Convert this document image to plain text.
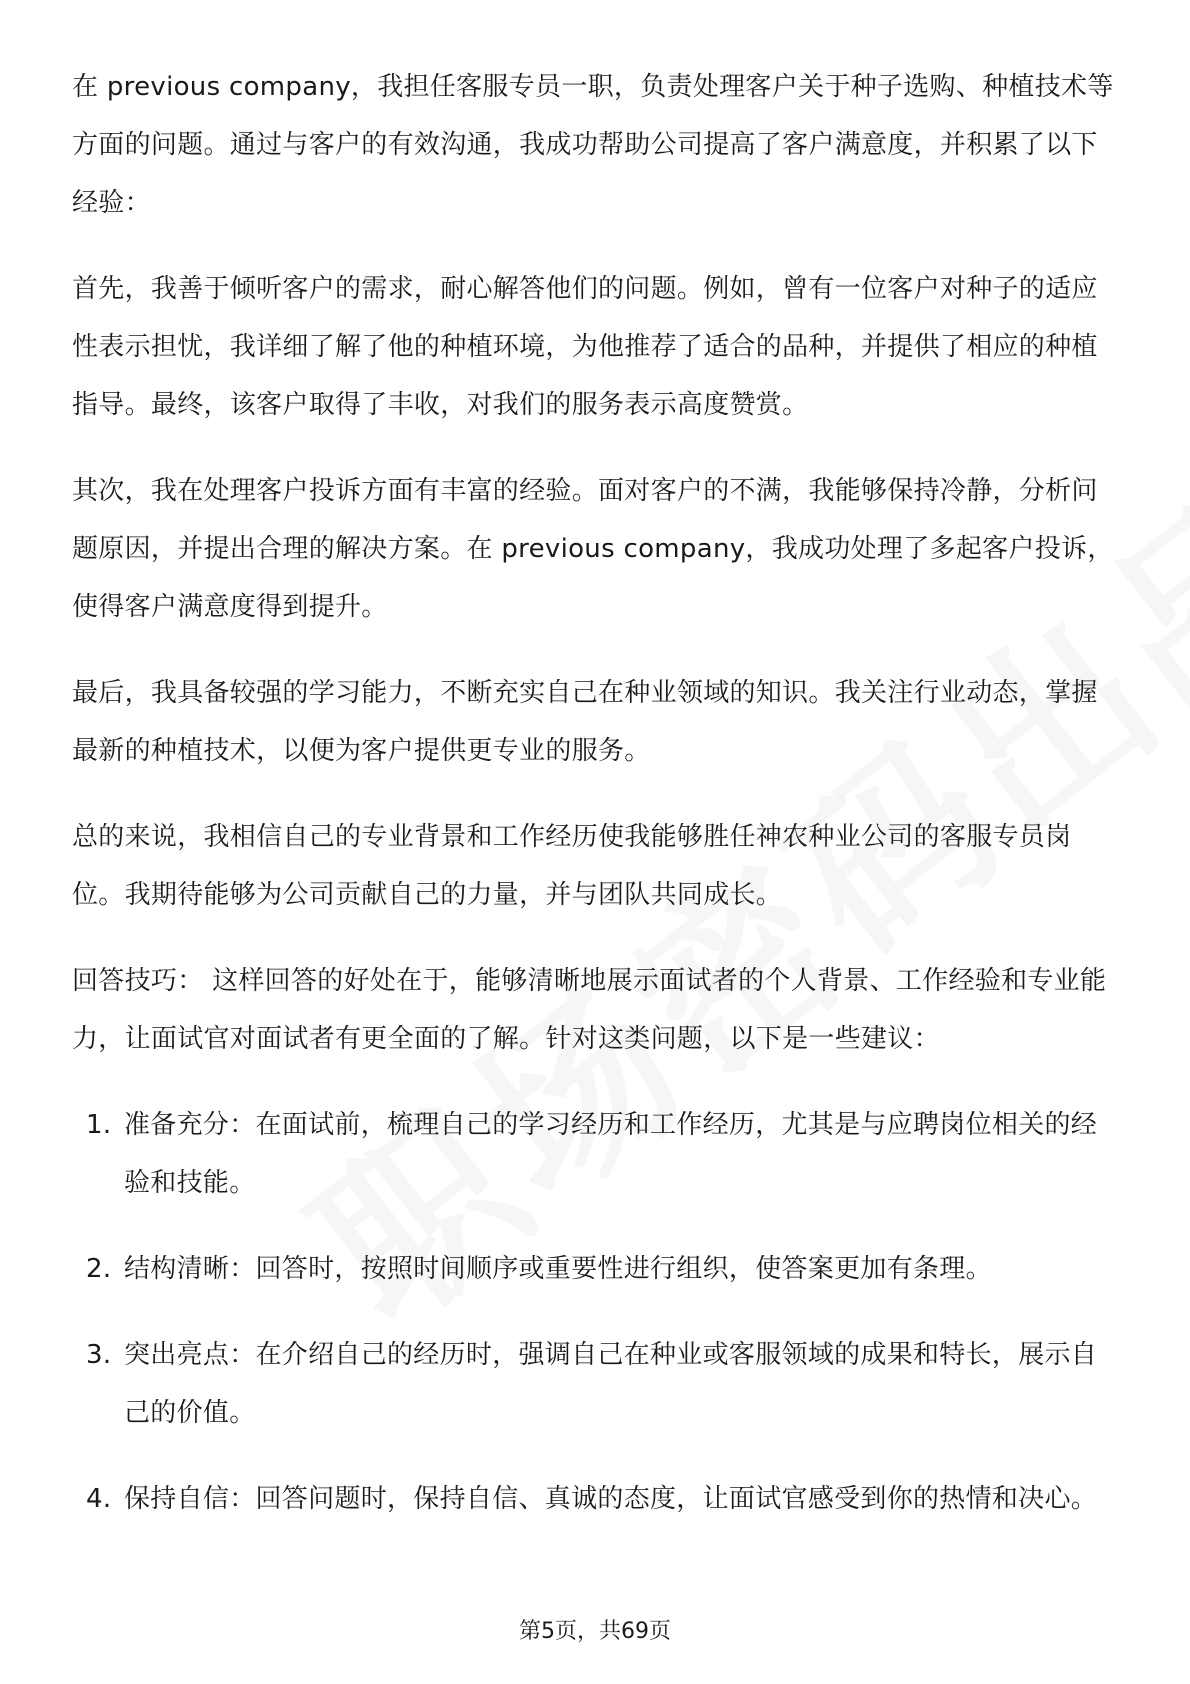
在 previous company，我担任客服专员一职，负责处理客户关于种子选购、种植技术等方面的问题。通过与客户的有效沟通，我成功帮助公司提高了客户满意度，并积累了以下经验：

首先，我善于倾听客户的需求，耐心解答他们的问题。例如，曾有一位客户对种子的适应性表示担忧，我详细了解了他的种植环境，为他推荐了适合的品种，并提供了相应的种植指导。最终，该客户取得了丰收，对我们的服务表示高度赞赏。

其次，我在处理客户投诉方面有丰富的经验。面对客户的不满，我能够保持冷静，分析问题原因，并提出合理的解决方案。在 previous company，我成功处理了多起客户投诉，使得客户满意度得到提升。

最后，我具备较强的学习能力，不断充实自己在种业领域的知识。我关注行业动态，掌握最新的种植技术，以便为客户提供更专业的服务。

总的来说，我相信自己的专业背景和工作经历使我能够胜任神农种业公司的客服专员岗位。我期待能够为公司贡献自己的力量，并与团队共同成长。

回答技巧： 这样回答的好处在于，能够清晰地展示面试者的个人背景、工作经验和专业能力，让面试官对面试者有更全面的了解。针对这类问题，以下是一些建议：

1. 准备充分：在面试前，梳理自己的学习经历和工作经历，尤其是与应聘岗位相关的经验和技能。
2. 结构清晰：回答时，按照时间顺序或重要性进行组织，使答案更加有条理。
3. 突出亮点：在介绍自己的经历时，强调自己在种业或客服领域的成果和特长，展示自己的价值。
4. 保持自信：回答问题时，保持自信、真诚的态度，让面试官感受到你的热情和决心。
第5页，共69页
